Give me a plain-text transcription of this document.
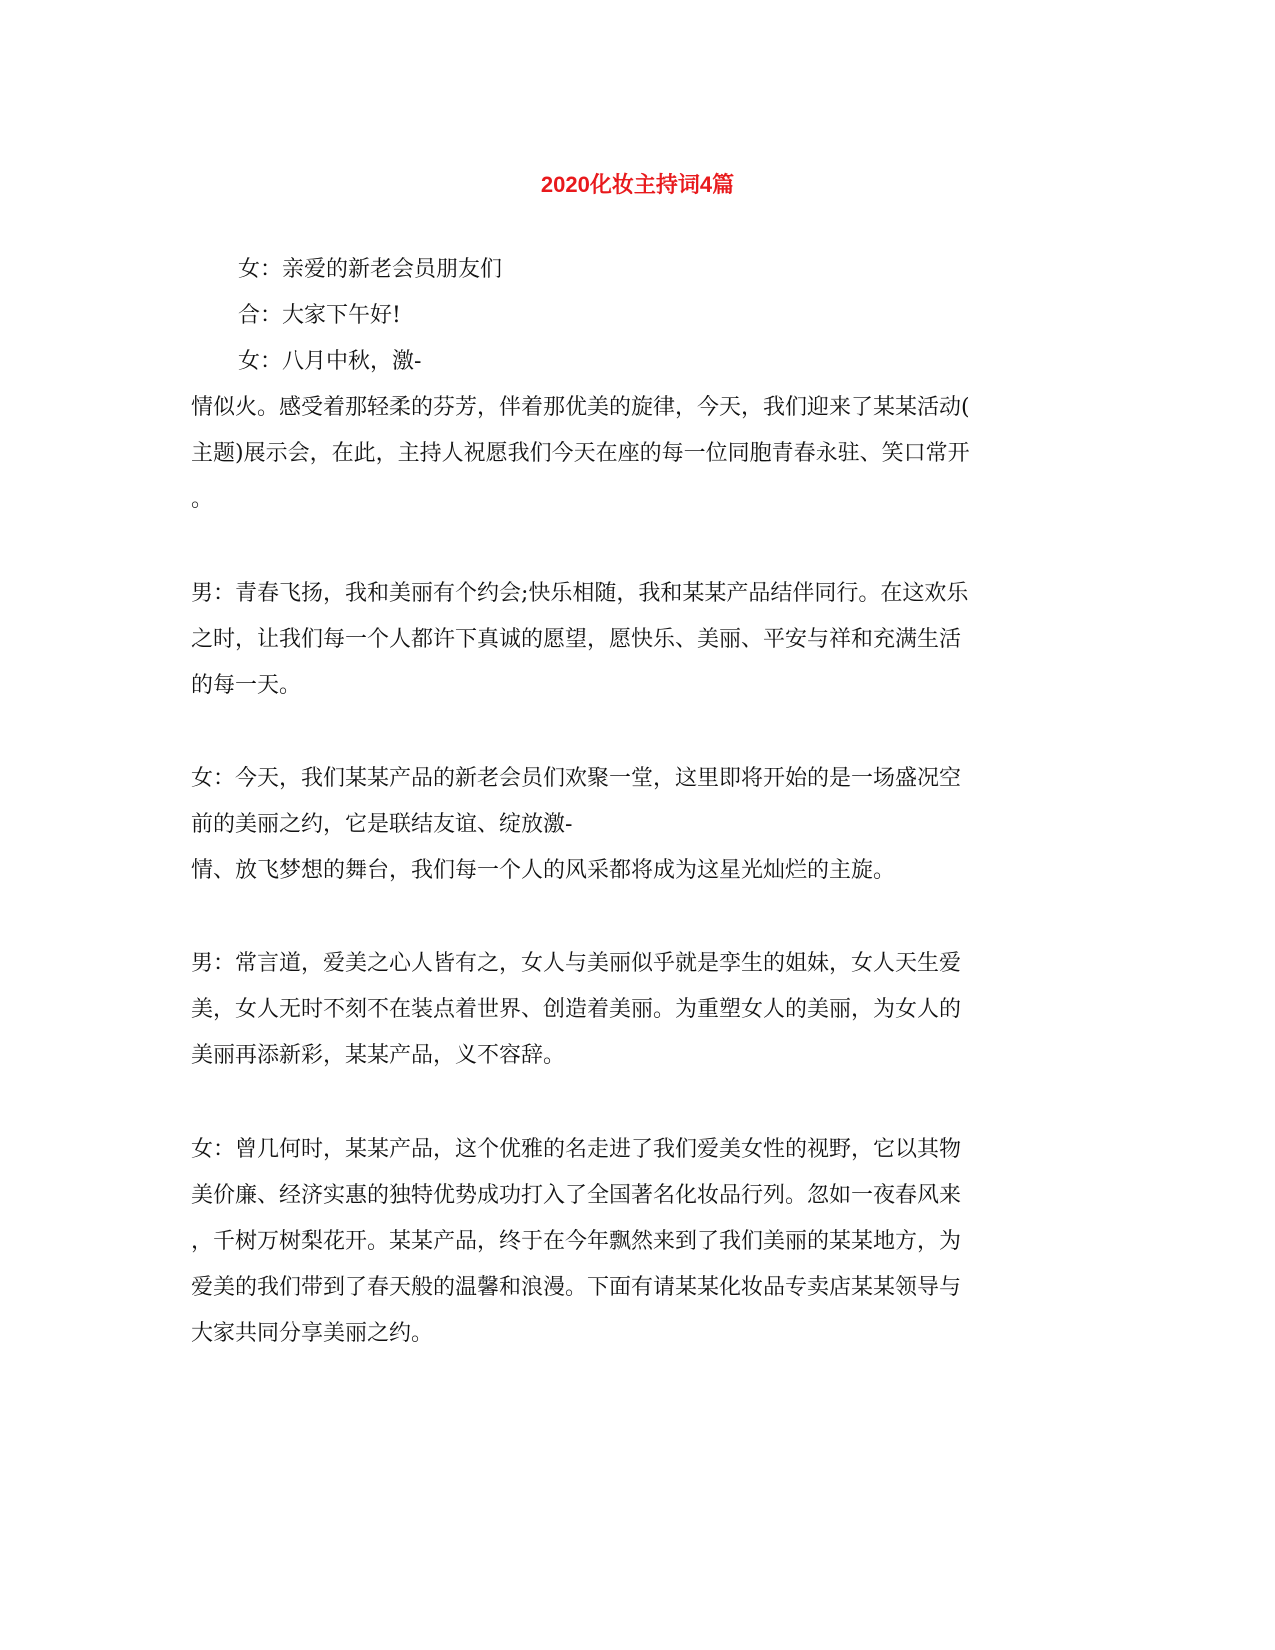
2020化妆主持词4篇
女：亲爱的新老会员朋友们
合：大家下午好!
女：八月中秋，激-
情似火。感受着那轻柔的芬芳，伴着那优美的旋律，今天，我们迎来了某某活动(
主题)展示会，在此，主持人祝愿我们今天在座的每一位同胞青春永驻、笑口常开
。
男：青春飞扬，我和美丽有个约会;快乐相随，我和某某产品结伴同行。在这欢乐
之时，让我们每一个人都许下真诚的愿望，愿快乐、美丽、平安与祥和充满生活
的每一天。
女：今天，我们某某产品的新老会员们欢聚一堂，这里即将开始的是一场盛况空
前的美丽之约，它是联结友谊、绽放激-
情、放飞梦想的舞台，我们每一个人的风采都将成为这星光灿烂的主旋。
男：常言道，爱美之心人皆有之，女人与美丽似乎就是孪生的姐妹，女人天生爱
美，女人无时不刻不在装点着世界、创造着美丽。为重塑女人的美丽，为女人的
美丽再添新彩，某某产品，义不容辞。
女：曾几何时，某某产品，这个优雅的名走进了我们爱美女性的视野，它以其物
美价廉、经济实惠的独特优势成功打入了全国著名化妆品行列。忽如一夜春风来
，千树万树梨花开。某某产品，终于在今年飘然来到了我们美丽的某某地方，为
爱美的我们带到了春天般的温馨和浪漫。下面有请某某化妆品专卖店某某领导与
大家共同分享美丽之约。
